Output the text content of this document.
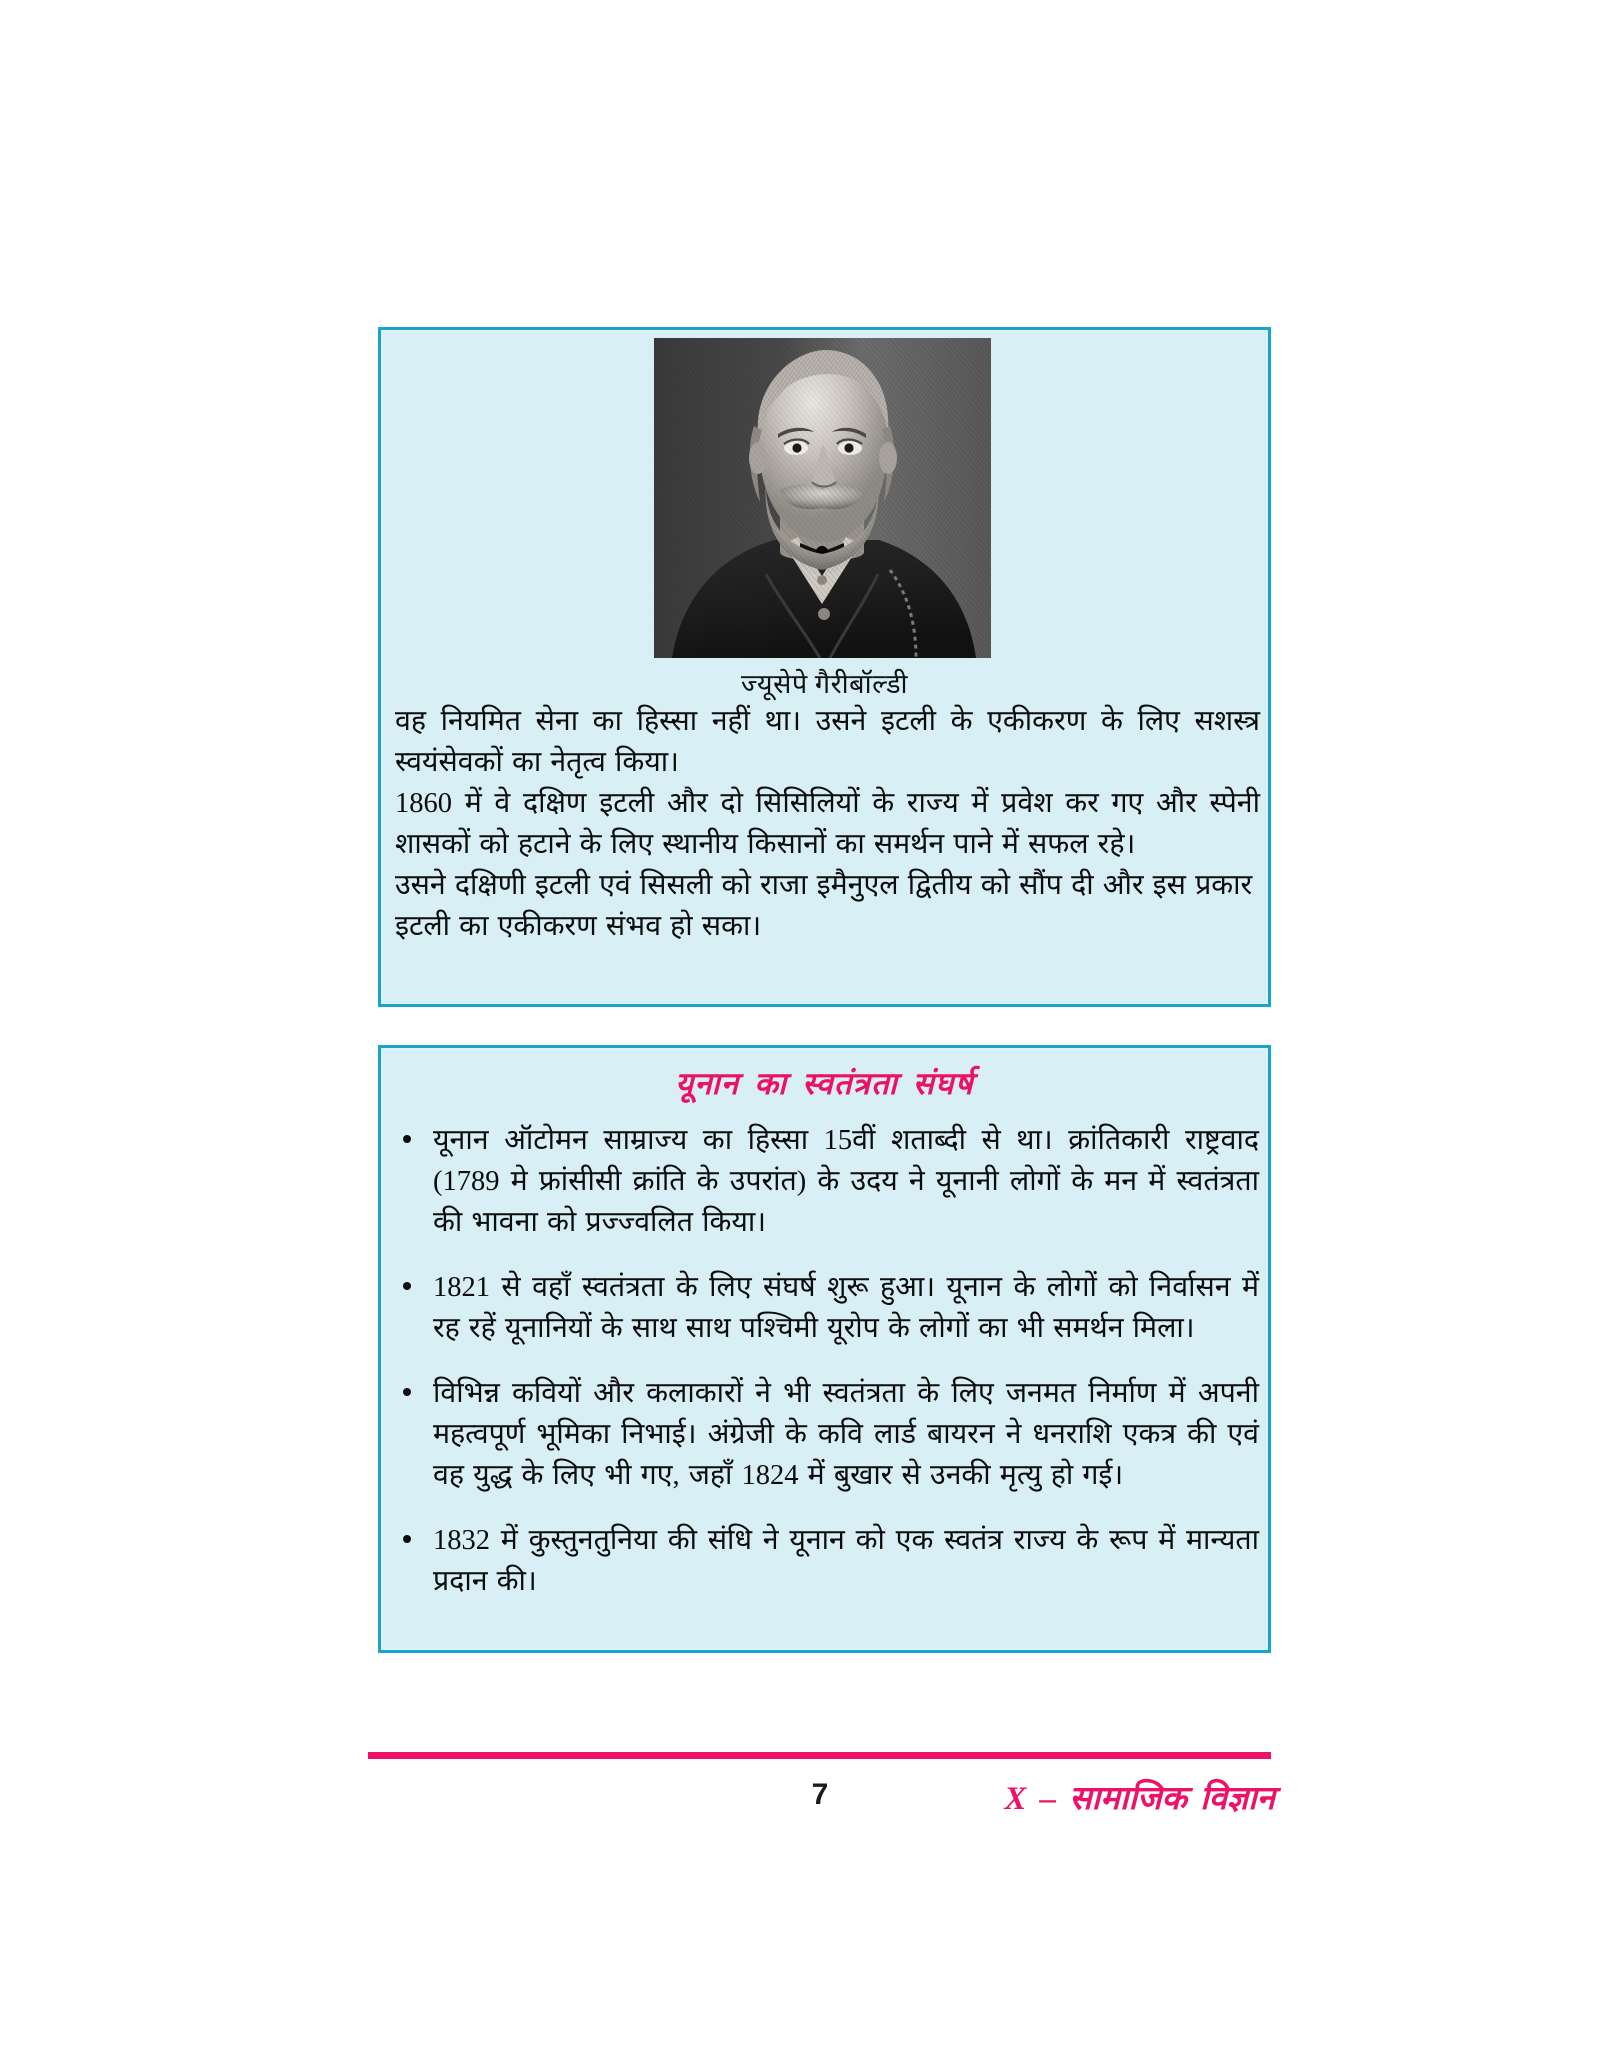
ज्यूसेपे गैरीबॉल्डी

वह नियमित सेना का हिस्सा नहीं था। उसने इटली के एकीकरण के लिए सशस्त्र स्वयंसेवकों का नेतृत्व किया।

1860 में वे दक्षिण इटली और दो सिसिलियों के राज्य में प्रवेश कर गए और स्पेनी शासकों को हटाने के लिए स्थानीय किसानों का समर्थन पाने में सफल रहे।

उसने दक्षिणी इटली एवं सिसली को राजा इमैनुएल द्वितीय को सौंप दी और इस प्रकार इटली का एकीकरण संभव हो सका।

यूनान का स्वतंत्रता संघर्ष
यूनान ऑटोमन साम्राज्य का हिस्सा 15वीं शताब्दी से था। क्रांतिकारी राष्ट्रवाद (1789 मे फ्रांसीसी क्रांति के उपरांत) के उदय ने यूनानी लोगों के मन में स्वतंत्रता की भावना को प्रज्ज्वलित किया।
1821 से वहाँ स्वतंत्रता के लिए संघर्ष शुरू हुआ। यूनान के लोगों को निर्वासन में रह रहें यूनानियों के साथ साथ पश्चिमी यूरोप के लोगों का भी समर्थन मिला।
विभिन्न कवियों और कलाकारों ने भी स्वतंत्रता के लिए जनमत निर्माण में अपनी महत्वपूर्ण भूमिका निभाई। अंग्रेजी के कवि लार्ड बायरन ने धनराशि एकत्र की एवं वह युद्ध के लिए भी गए, जहाँ 1824 में बुखार से उनकी मृत्यु हो गई।
1832 में कुस्तुनतुनिया की संधि ने यूनान को एक स्वतंत्र राज्य के रूप में मान्यता प्रदान की।
7	X – सामाजिक विज्ञान
